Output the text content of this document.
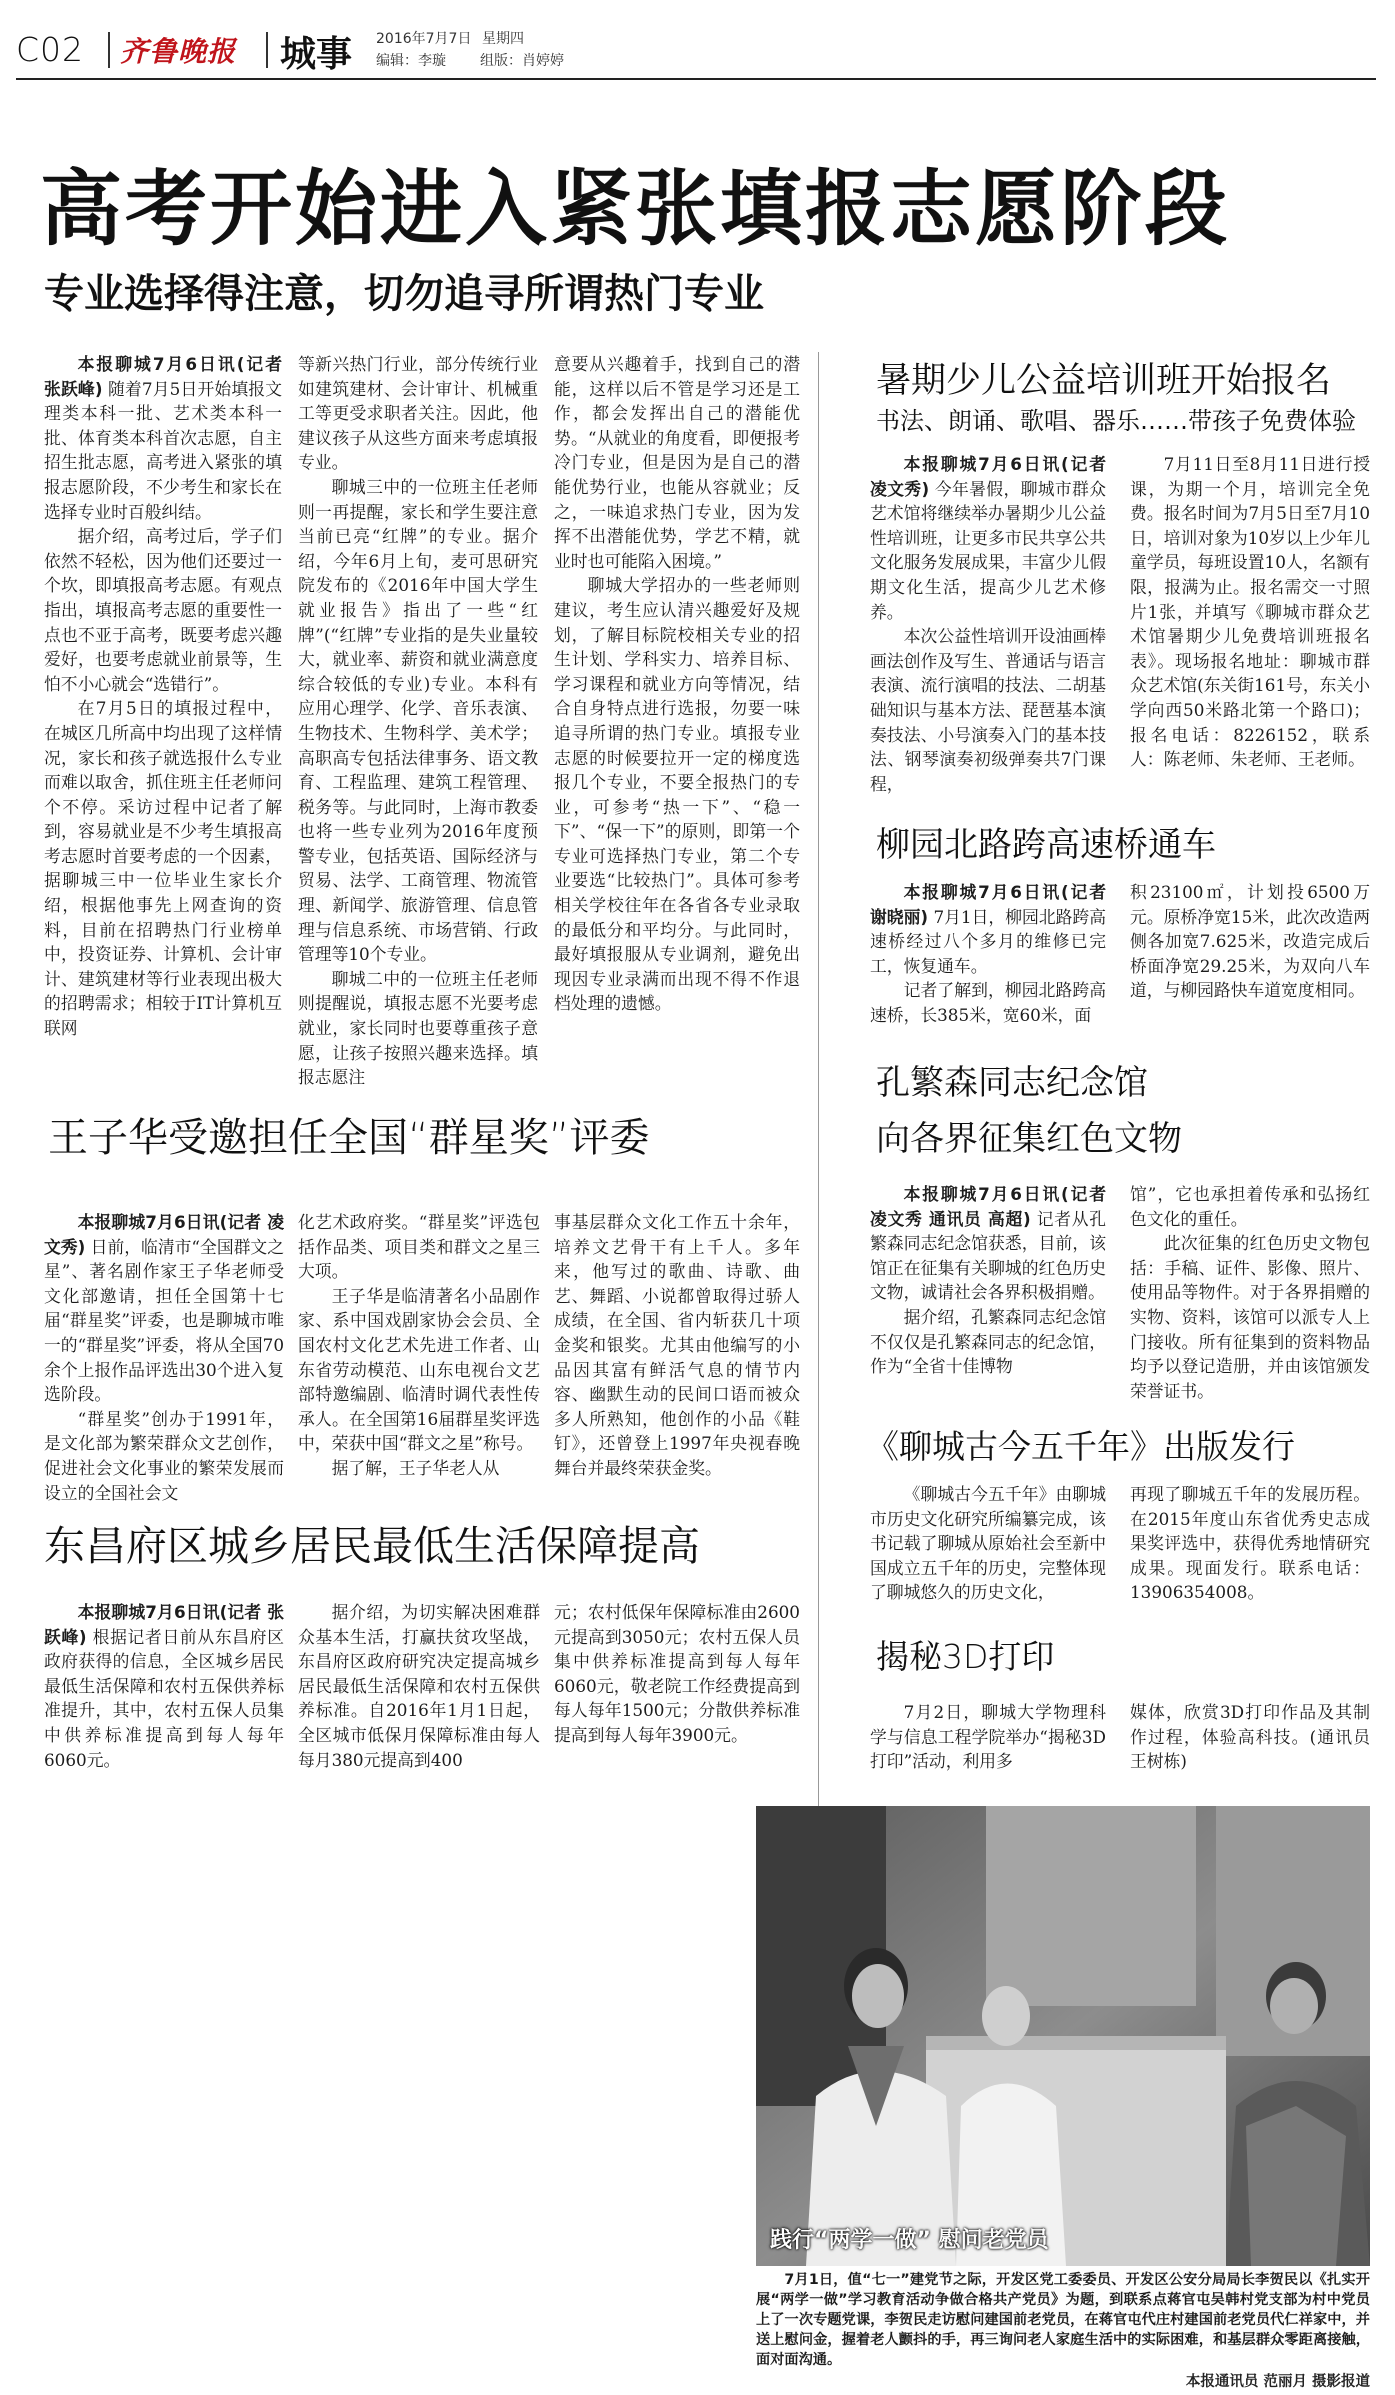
C02 齐鲁晚报 城事 2016年7月7日 星期四
编辑：李璇 组版：肖婷婷
高考开始进入紧张填报志愿阶段
专业选择得注意，切勿追寻所谓热门专业

本报聊城7月6日讯(记者 张跃峰) 随着7月5日开始填报文理类本科一批、艺术类本科一批、体育类本科首次志愿，自主招生批志愿，高考进入紧张的填报志愿阶段，不少考生和家长在选择专业时百般纠结。

据介绍，高考过后，学子们依然不轻松，因为他们还要过一个坎，即填报高考志愿。有观点指出，填报高考志愿的重要性一点也不亚于高考，既要考虑兴趣爱好，也要考虑就业前景等，生怕不小心就会“选错行”。

在7月5日的填报过程中，在城区几所高中均出现了这样情况，家长和孩子就选报什么专业而难以取舍，抓住班主任老师问个不停。采访过程中记者了解到，容易就业是不少考生填报高考志愿时首要考虑的一个因素，据聊城三中一位毕业生家长介绍，根据他事先上网查询的资料，目前在招聘热门行业榜单中，投资证券、计算机、会计审计、建筑建材等行业表现出极大的招聘需求；相较于IT计算机互联网

等新兴热门行业，部分传统行业如建筑建材、会计审计、机械重工等更受求职者关注。因此，他建议孩子从这些方面来考虑填报专业。

聊城三中的一位班主任老师则一再提醒，家长和学生要注意当前已亮“红牌”的专业。据介绍，今年6月上旬，麦可思研究院发布的《2016年中国大学生就业报告》指出了一些“红牌”(“红牌”专业指的是失业量较大，就业率、薪资和就业满意度综合较低的专业)专业。本科有应用心理学、化学、音乐表演、生物技术、生物科学、美术学；高职高专包括法律事务、语文教育、工程监理、建筑工程管理、税务等。与此同时，上海市教委也将一些专业列为2016年度预警专业，包括英语、国际经济与贸易、法学、工商管理、物流管理、新闻学、旅游管理、信息管理与信息系统、市场营销、行政管理等10个专业。

聊城二中的一位班主任老师则提醒说，填报志愿不光要考虑就业，家长同时也要尊重孩子意愿，让孩子按照兴趣来选择。填报志愿注

意要从兴趣着手，找到自己的潜能，这样以后不管是学习还是工作，都会发挥出自己的潜能优势。“从就业的角度看，即便报考冷门专业，但是因为是自己的潜能优势行业，也能从容就业；反之，一味追求热门专业，因为发挥不出潜能优势，学艺不精，就业时也可能陷入困境。”

聊城大学招办的一些老师则建议，考生应认清兴趣爱好及规划，了解目标院校相关专业的招生计划、学科实力、培养目标、学习课程和就业方向等情况，结合自身特点进行选报，勿要一味追寻所谓的热门专业。填报专业志愿的时候要拉开一定的梯度选报几个专业，不要全报热门的专业，可参考“热一下”、“稳一下”、“保一下”的原则，即第一个专业可选择热门专业，第二个专业要选“比较热门”。具体可参考相关学校往年在各省各专业录取的最低分和平均分。与此同时，最好填报服从专业调剂，避免出现因专业录满而出现不得不作退档处理的遗憾。

王子华受邀担任全国“群星奖”评委

本报聊城7月6日讯(记者 凌文秀) 日前，临清市“全国群文之星”、著名剧作家王子华老师受文化部邀请，担任全国第十七届“群星奖”评委，也是聊城市唯一的“群星奖”评委，将从全国70余个上报作品评选出30个进入复选阶段。

“群星奖”创办于1991年，是文化部为繁荣群众文艺创作，促进社会文化事业的繁荣发展而设立的全国社会文

化艺术政府奖。“群星奖”评选包括作品类、项目类和群文之星三大项。

王子华是临清著名小品剧作家、系中国戏剧家协会会员、全国农村文化艺术先进工作者、山东省劳动模范、山东电视台文艺部特邀编剧、临清时调代表性传承人。在全国第16届群星奖评选中，荣获中国“群文之星”称号。

据了解，王子华老人从

事基层群众文化工作五十余年，培养文艺骨干有上千人。多年来，他写过的歌曲、诗歌、曲艺、舞蹈、小说都曾取得过骄人成绩，在全国、省内斩获几十项金奖和银奖。尤其由他编写的小品因其富有鲜活气息的情节内容、幽默生动的民间口语而被众多人所熟知，他创作的小品《鞋钉》，还曾登上1997年央视春晚舞台并最终荣获金奖。

东昌府区城乡居民最低生活保障提高

本报聊城7月6日讯(记者 张跃峰) 根据记者日前从东昌府区政府获得的信息，全区城乡居民最低生活保障和农村五保供养标准提升，其中，农村五保人员集中供养标准提高到每人每年6060元。

据介绍，为切实解决困难群众基本生活，打赢扶贫攻坚战，东昌府区政府研究决定提高城乡居民最低生活保障和农村五保供养标准。自2016年1月1日起，全区城市低保月保障标准由每人每月380元提高到400

元；农村低保年保障标准由2600元提高到3050元；农村五保人员集中供养标准提高到每人每年6060元，敬老院工作经费提高到每人每年1500元；分散供养标准提高到每人每年3900元。

暑期少儿公益培训班开始报名
书法、朗诵、歌唱、器乐……带孩子免费体验

本报聊城7月6日讯(记者 凌文秀) 今年暑假，聊城市群众艺术馆将继续举办暑期少儿公益性培训班，让更多市民共享公共文化服务发展成果，丰富少儿假期文化生活，提高少儿艺术修养。

本次公益性培训开设油画棒画法创作及写生、普通话与语言表演、流行演唱的技法、二胡基础知识与基本方法、琵琶基本演奏技法、小号演奏入门的基本技法、钢琴演奏初级弹奏共7门课程，

7月11日至8月11日进行授课，为期一个月，培训完全免费。报名时间为7月5日至7月10日，培训对象为10岁以上少年儿童学员，每班设置10人，名额有限，报满为止。报名需交一寸照片1张，并填写《聊城市群众艺术馆暑期少儿免费培训班报名表》。现场报名地址：聊城市群众艺术馆(东关街161号，东关小学向西50米路北第一个路口)；报名电话：8226152，联系人：陈老师、朱老师、王老师。

柳园北路跨高速桥通车

本报聊城7月6日讯(记者 谢晓丽) 7月1日，柳园北路跨高速桥经过八个多月的维修已完工，恢复通车。

记者了解到，柳园北路跨高速桥，长385米，宽60米，面

积23100㎡，计划投6500万元。原桥净宽15米，此次改造两侧各加宽7.625米，改造完成后桥面净宽29.25米，为双向八车道，与柳园路快车道宽度相同。

孔繁森同志纪念馆
向各界征集红色文物

本报聊城7月6日讯(记者 凌文秀 通讯员 高超) 记者从孔繁森同志纪念馆获悉，目前，该馆正在征集有关聊城的红色历史文物，诚请社会各界积极捐赠。

据介绍，孔繁森同志纪念馆不仅仅是孔繁森同志的纪念馆，作为“全省十佳博物

馆”，它也承担着传承和弘扬红色文化的重任。

此次征集的红色历史文物包括：手稿、证件、影像、照片、使用品等物件。对于各界捐赠的实物、资料，该馆可以派专人上门接收。所有征集到的资料物品均予以登记造册，并由该馆颁发荣誉证书。

《聊城古今五千年》出版发行

《聊城古今五千年》由聊城市历史文化研究所编纂完成，该书记载了聊城从原始社会至新中国成立五千年的历史，完整体现了聊城悠久的历史文化，

再现了聊城五千年的发展历程。在2015年度山东省优秀史志成果奖评选中，获得优秀地情研究成果。现面发行。联系电话：13906354008。

揭秘3D打印

7月2日，聊城大学物理科学与信息工程学院举办“揭秘3D打印”活动，利用多

媒体，欣赏3D打印作品及其制作过程，体验高科技。(通讯员 王树栋)

践行“两学一做” 慰问老党员
7月1日，值“七一”建党节之际，开发区党工委委员、开发区公安分局局长李贺民以《扎实开展“两学一做”学习教育活动争做合格共产党员》为题，到联系点蒋官屯吴韩村党支部为村中党员上了一次专题党课，李贺民走访慰问建国前老党员，在蒋官屯代庄村建国前老党员代仁祥家中，并送上慰问金，握着老人颤抖的手，再三询问老人家庭生活中的实际困难，和基层群众零距离接触，面对面沟通。
本报通讯员 范丽月 摄影报道
